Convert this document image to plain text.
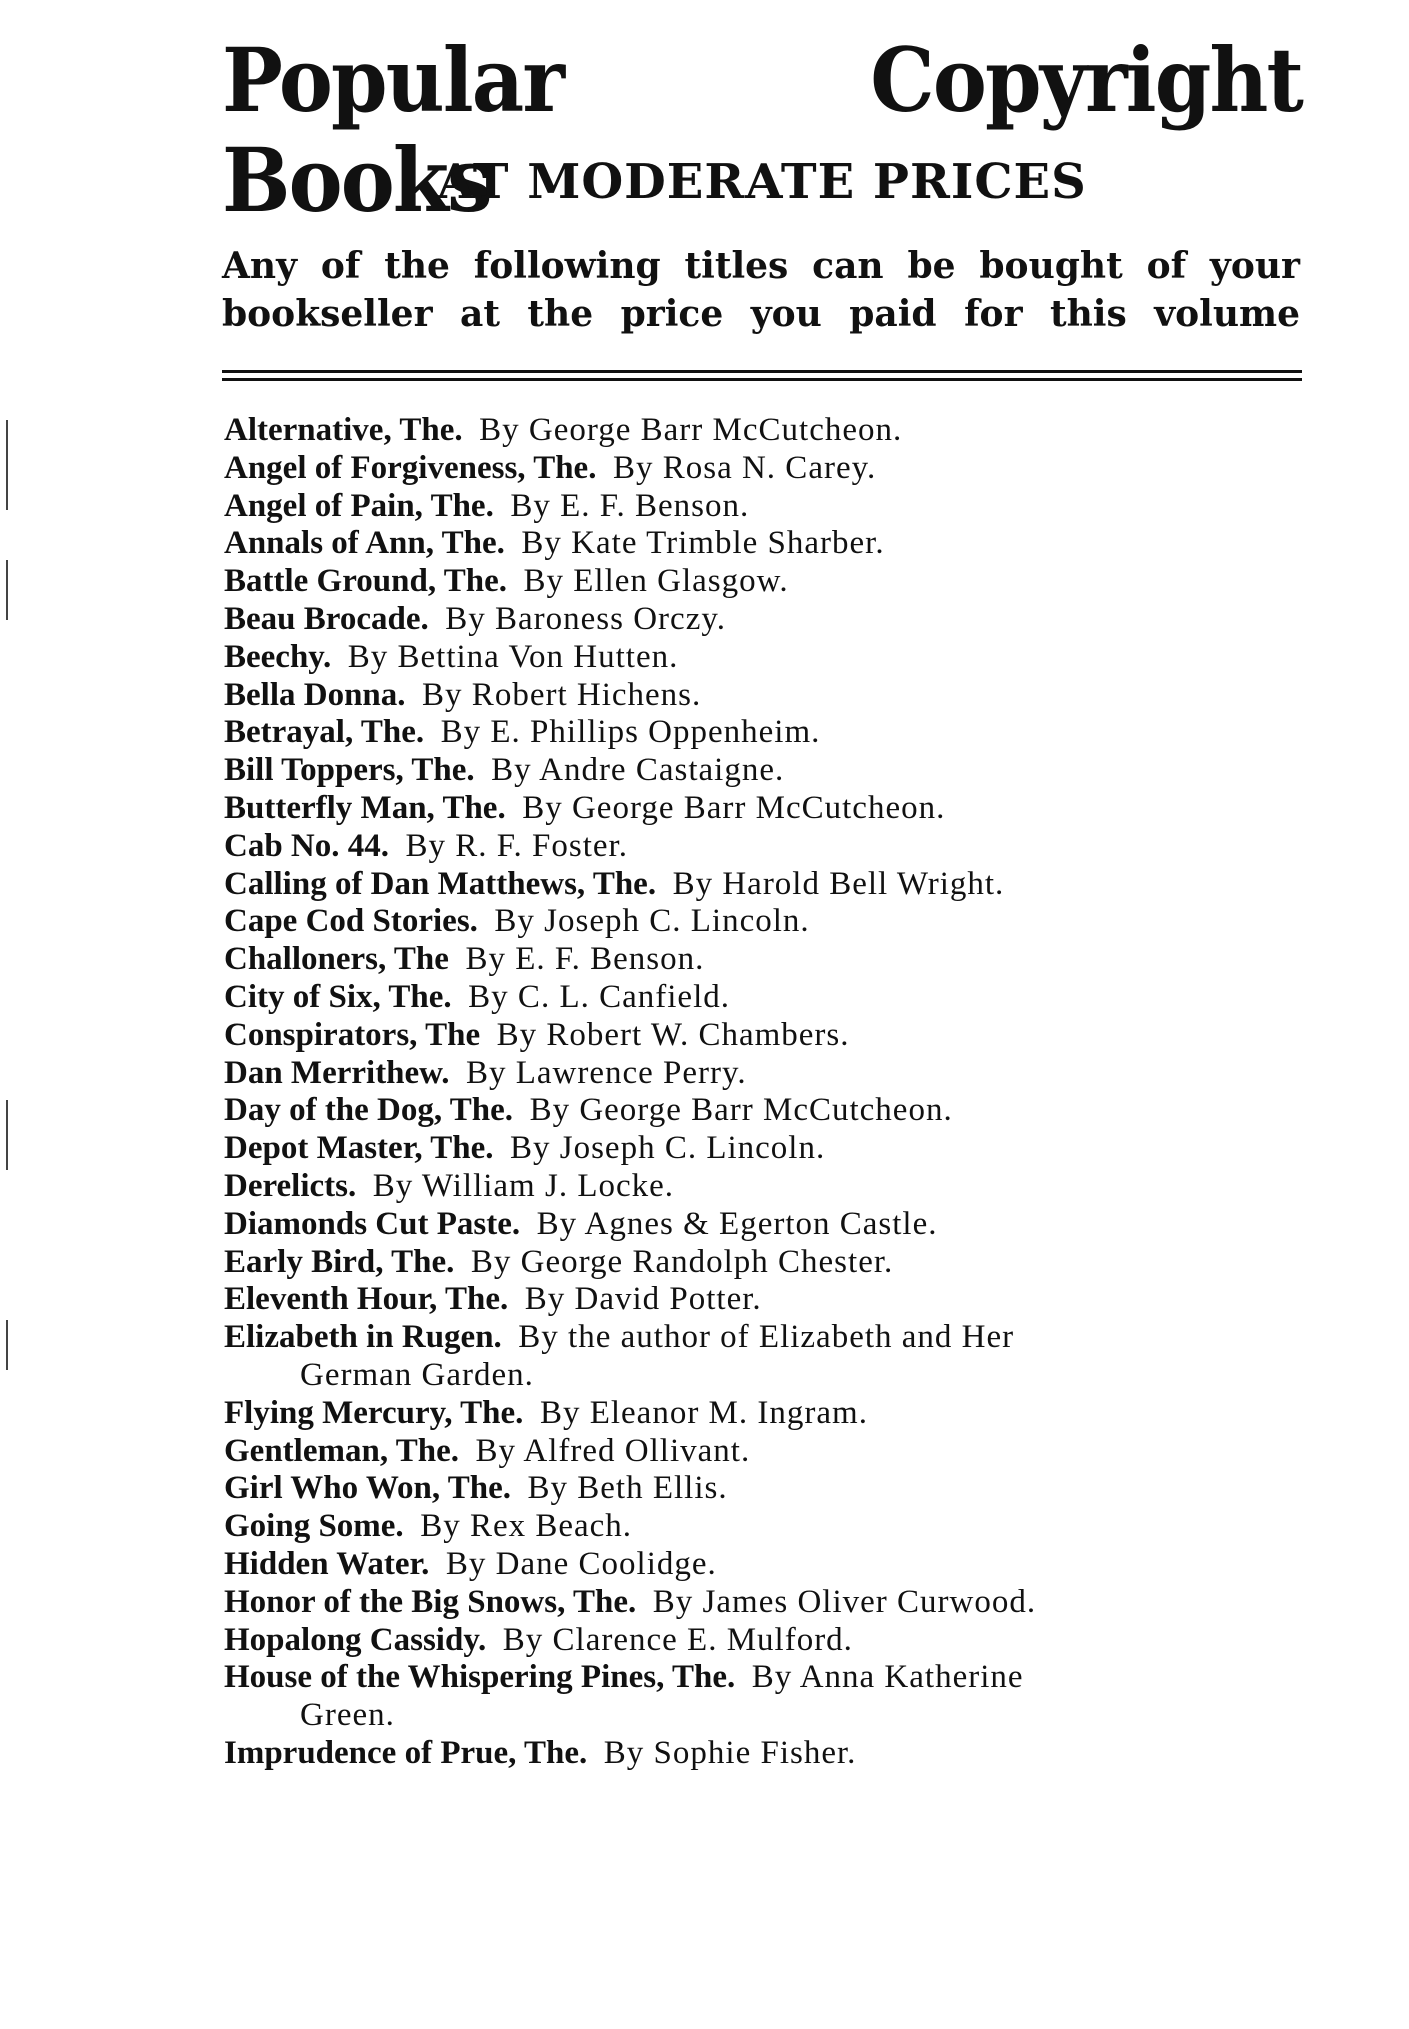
Popular Copyright Books
AT MODERATE PRICES

Any of the following titles can be bought of your bookseller at the price you paid for this volume

Alternative, The. By George Barr McCutcheon.
Angel of Forgiveness, The. By Rosa N. Carey.
Angel of Pain, The. By E. F. Benson.
Annals of Ann, The. By Kate Trimble Sharber.
Battle Ground, The. By Ellen Glasgow.
Beau Brocade. By Baroness Orczy.
Beechy. By Bettina Von Hutten.
Bella Donna. By Robert Hichens.
Betrayal, The. By E. Phillips Oppenheim.
Bill Toppers, The. By Andre Castaigne.
Butterfly Man, The. By George Barr McCutcheon.
Cab No. 44. By R. F. Foster.
Calling of Dan Matthews, The. By Harold Bell Wright.
Cape Cod Stories. By Joseph C. Lincoln.
Challoners, The By E. F. Benson.
City of Six, The. By C. L. Canfield.
Conspirators, The By Robert W. Chambers.
Dan Merrithew. By Lawrence Perry.
Day of the Dog, The. By George Barr McCutcheon.
Depot Master, The. By Joseph C. Lincoln.
Derelicts. By William J. Locke.
Diamonds Cut Paste. By Agnes & Egerton Castle.
Early Bird, The. By George Randolph Chester.
Eleventh Hour, The. By David Potter.
Elizabeth in Rugen. By the author of Elizabeth and Her
German Garden.
Flying Mercury, The. By Eleanor M. Ingram.
Gentleman, The. By Alfred Ollivant.
Girl Who Won, The. By Beth Ellis.
Going Some. By Rex Beach.
Hidden Water. By Dane Coolidge.
Honor of the Big Snows, The. By James Oliver Curwood.
Hopalong Cassidy. By Clarence E. Mulford.
House of the Whispering Pines, The. By Anna Katherine
Green.
Imprudence of Prue, The. By Sophie Fisher.
